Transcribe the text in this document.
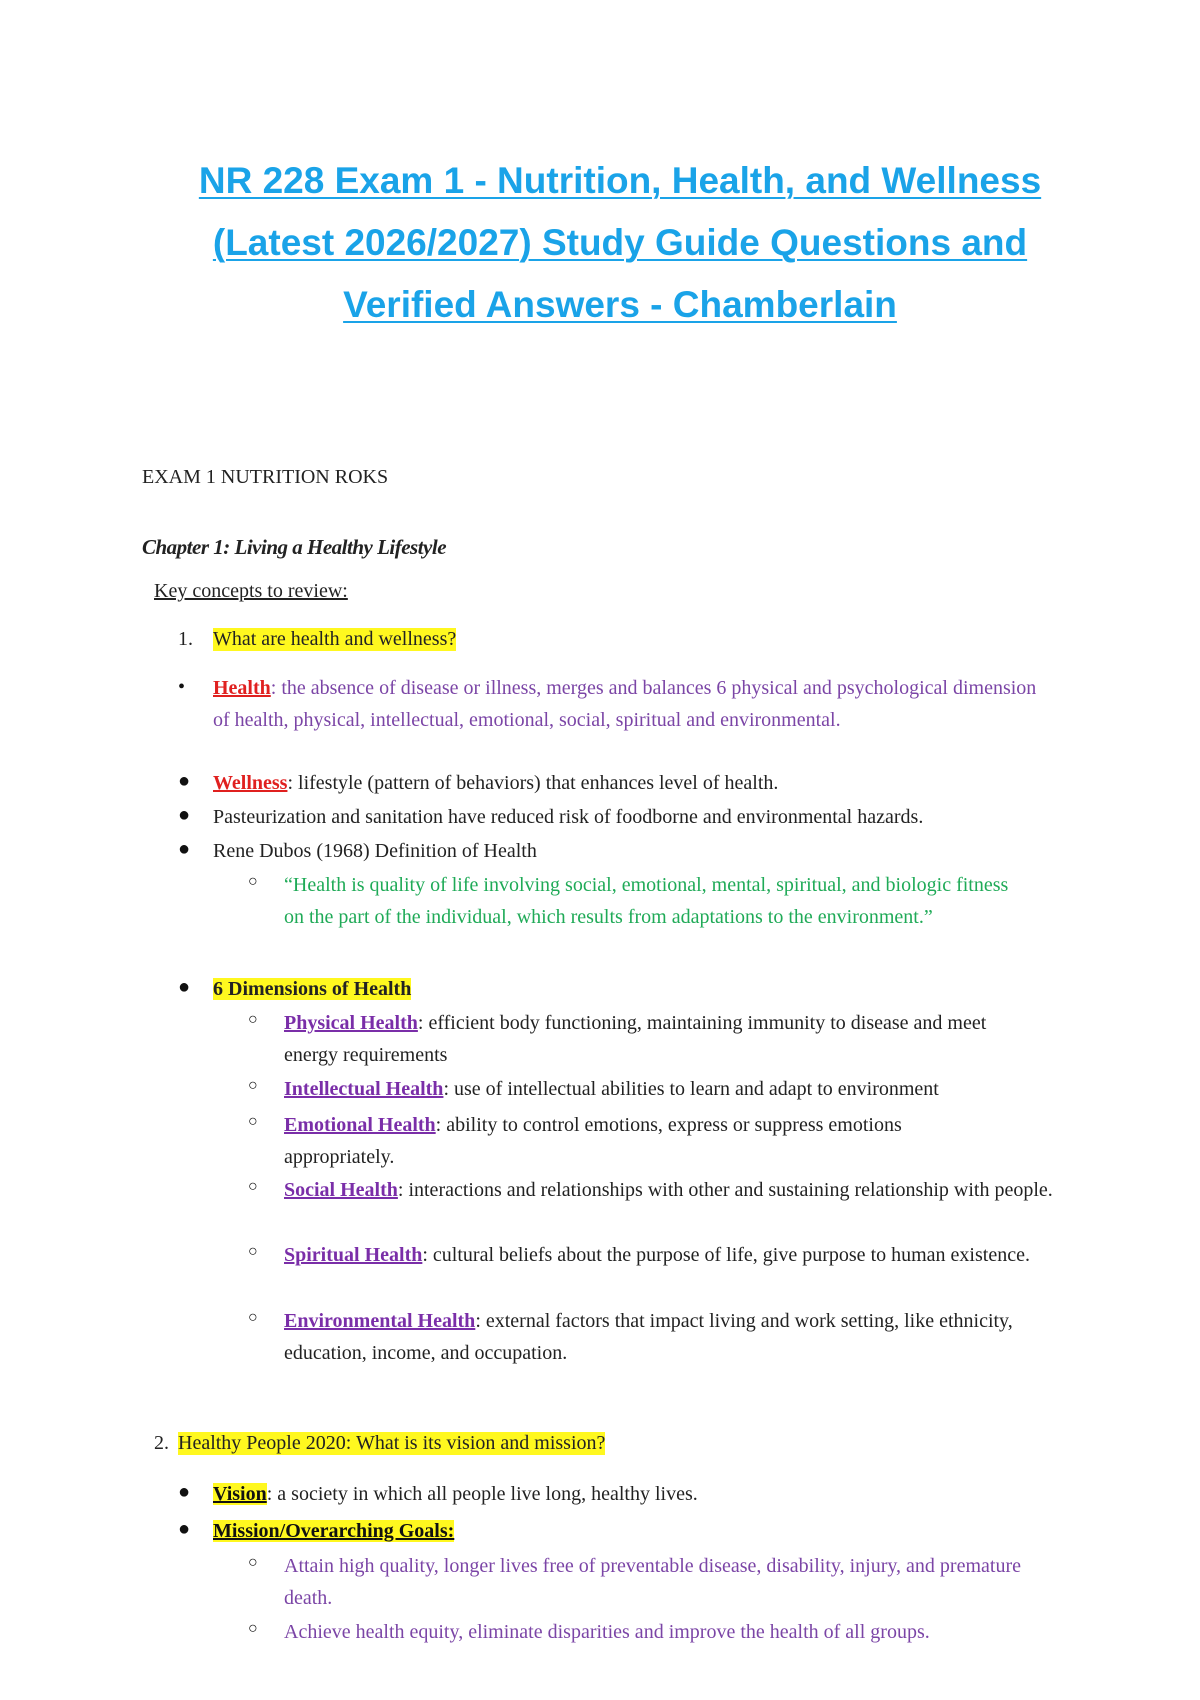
NR 228 Exam 1 - Nutrition, Health, and Wellness
(Latest 2026/2027) Study Guide Questions and
Verified Answers - Chamberlain
EXAM 1 NUTRITION ROKS
Chapter 1: Living a Healthy Lifestyle
Key concepts to review:
1. What are health and wellness?
• Health: the absence of disease or illness, merges and balances 6 physical and psychological dimension of health, physical, intellectual, emotional, social, spiritual and environmental.
● Wellness: lifestyle (pattern of behaviors) that enhances level of health.
● Pasteurization and sanitation have reduced risk of foodborne and environmental hazards.
● Rene Dubos (1968) Definition of Health
○ “Health is quality of life involving social, emotional, mental, spiritual, and biologic fitness on the part of the individual, which results from adaptations to the environment.”
● 6 Dimensions of Health
○ Physical Health: efficient body functioning, maintaining immunity to disease and meet energy requirements
○ Intellectual Health: use of intellectual abilities to learn and adapt to environment
○ Emotional Health: ability to control emotions, express or suppress emotions appropriately.
○ Social Health: interactions and relationships with other and sustaining relationship with people.
○ Spiritual Health: cultural beliefs about the purpose of life, give purpose to human existence.
○ Environmental Health: external factors that impact living and work setting, like ethnicity, education, income, and occupation.
2. Healthy People 2020: What is its vision and mission?
● Vision: a society in which all people live long, healthy lives.
● Mission/Overarching Goals:
○ Attain high quality, longer lives free of preventable disease, disability, injury, and premature death.
○ Achieve health equity, eliminate disparities and improve the health of all groups.
